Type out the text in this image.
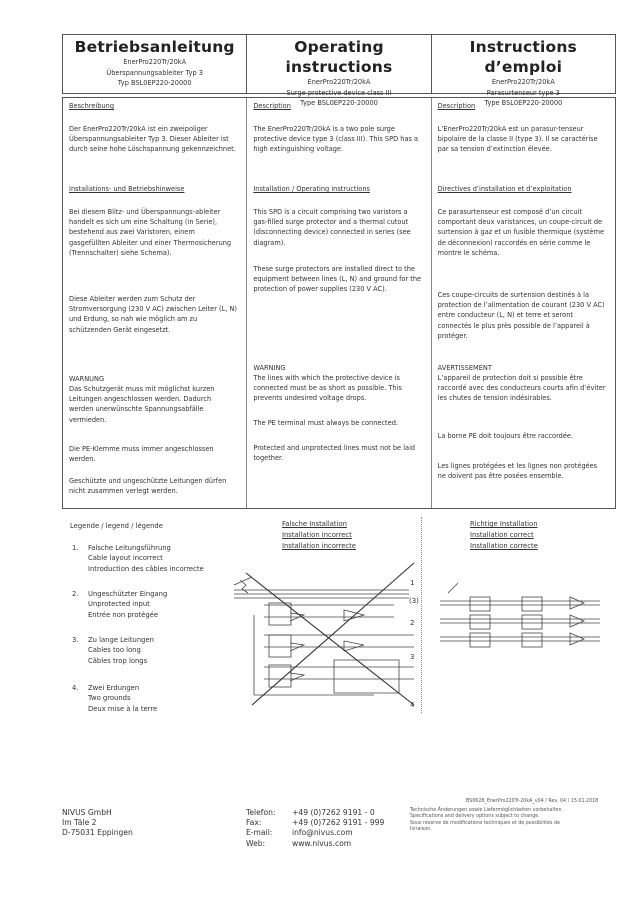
Betriebsanleitung
EnerPro220Tr/20kA
Überspannungsableiter Typ 3
Typ BSL0EP220-20000
Operating instructions
EnerPro220Tr/20kA
Surge protective device class III
Type BSL0EP220-20000
Instructions d’emploi
EnerPro220Tr/20kA
Parasurtenseur type 3
Type BSL0EP220-20000
Beschreibung
Der EnerPro220Tr/20kA ist ein zweipoliger Überspannungsableiter Typ 3. Dieser Ableiter ist durch seine hohe Löschspannung gekennzeichnet.
Installations- und Betriebshinweise
Bei diesem Blitz- und Überspannungs-ableiter handelt es sich um eine Schaltung (in Serie), bestehend aus zwei Varistoren, einem gasgefüllten Ableiter und einer Thermosicherung (Trennschalter) siehe Schema).
Diese Ableiter werden zum Schutz der Stromversorgung (230 V AC) zwischen Leiter (L, N) und Erdung, so nah wie möglich am zu schützenden Gerät eingesetzt.
WARNUNG
Das Schutzgerät muss mit möglichst kurzen Leitungen angeschlossen werden. Dadurch werden unerwünschte Spannungsabfälle vermieden.
Die PE-Klemme muss immer angeschlossen werden.
Geschützte und ungeschützte Leitungen dürfen nicht zusammen verlegt werden.
Description
The EnerPro220Tr/20kA is a two pole surge protective device type 3 (class III). This SPD has a high extinguishing voltage.
Installation / Operating instructions
This SPD is a circuit comprising two varistors a gas-filled surge protector and a thermal cutout (disconnecting device) connected in series (see diagram).
These surge protectors are installed direct to the equipment between lines (L, N) and ground for the protection of power supplies (230 V AC).
WARNING
The lines with which the protective device is connected must be as short as possible. This prevents undesired voltage drops.
The PE terminal must always be connected.
Protected and unprotected lines must not be laid together.
Description
L’EnerPro220Tr/20kA est un parasur-tenseur bipolaire de la classe II (type 3). Il se caractérise par sa tension d’extinction élevée.
Directives d’installation et d’exploitation
Ce parasurtenseur est composé d’un circuit comportant deux varistances, un coupe-circuit de surtension à gaz et un fusible thermique (système de déconnexion) raccordés en série comme le montre le schéma.
Ces coupe-circuits de surtension destinés à la protection de l’alimentation de courant (230 V AC) entre conducteur (L, N) et terre et seront connectés le plus près possible de l’appareil à protéger.
AVERTISSEMENT
L’appareil de protection doit si possible être raccordé avec des conducteurs courts afin d’éviter les chutes de tension indésirables.
La borne PE doit toujours être raccordée.
Les lignes protégées et les lignes non protégées ne doivent pas être posées ensemble.
Legende / legend / légende
1. Falsche Leitungsführung
Cable layout incorrect
Introduction des câbles incorrecte
2. Ungeschützter Eingang
Unprotected input
Entrée non protégée
3. Zu lange Leitungen
Cables too long
Câbles trop longs
4. Zwei Erdungen
Two grounds
Deux mise à la terre
Falsche Installation
Installation incorrect
Installation incorrecte
Richtige Installation
Installation correct
Installation correcte
1
(3)
2
3
4
NIVUS GmbH
Im Täle 2
D-75031 Eppingen
Telefon:
Fax:
E-mail:
Web:
+49 (0)7262 9191 - 0
+49 (0)7262 9191 - 999
info@nivus.com
www.nivus.com
BS0628_EnerPro220Tr-20kA_v04 / Rev. 04 / 15.01.2018
Technische Änderungen sowie Liefermöglichkeiten vorbehalten.
Specifications and delivery options subject to change.
Sous réserve de modifications techniques et de possibilités de livraison.
